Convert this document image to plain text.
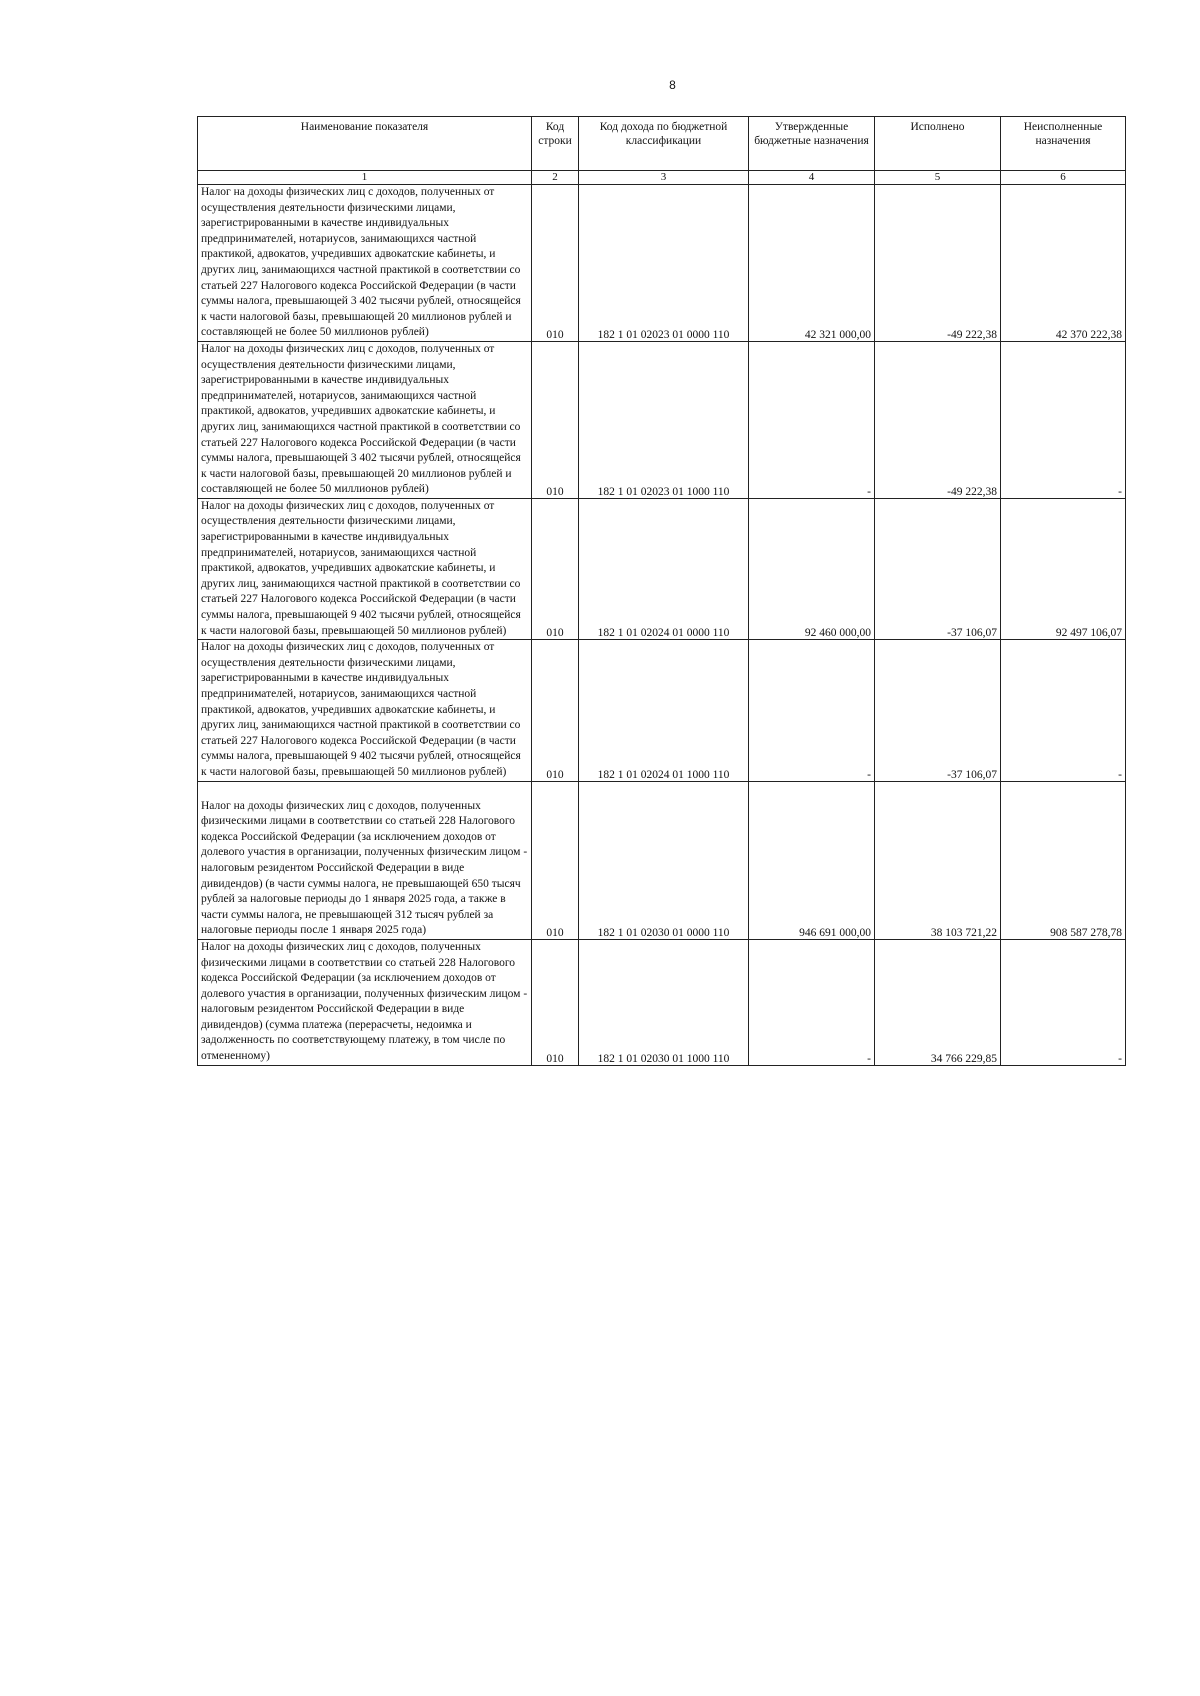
8
Наименование показателя	Код строки	Код дохода по бюджетной классификации	Утвержденные бюджетные назначения	Исполнено	Неисполненные назначения
1	2	3	4	5	6
Налог на доходы физических лиц с доходов, полученных от осуществления деятельности физическими лицами, зарегистрированными в качестве индивидуальных предпринимателей, нотариусов, занимающихся частной практикой, адвокатов, учредивших адвокатские кабинеты, и других лиц, занимающихся частной практикой в соответствии со статьей 227 Налогового кодекса Российской Федерации (в части суммы налога, превышающей 3 402 тысячи рублей, относящейся к части налоговой базы, превышающей 20 миллионов рублей и составляющей не более 50 миллионов рублей)	010	182 1 01 02023 01 0000 110	42 321 000,00	-49 222,38	42 370 222,38
Налог на доходы физических лиц с доходов, полученных от осуществления деятельности физическими лицами, зарегистрированными в качестве индивидуальных предпринимателей, нотариусов, занимающихся частной практикой, адвокатов, учредивших адвокатские кабинеты, и других лиц, занимающихся частной практикой в соответствии со статьей 227 Налогового кодекса Российской Федерации (в части суммы налога, превышающей 3 402 тысячи рублей, относящейся к части налоговой базы, превышающей 20 миллионов рублей и составляющей не более 50 миллионов рублей)	010	182 1 01 02023 01 1000 110	-	-49 222,38	-
Налог на доходы физических лиц с доходов, полученных от осуществления деятельности физическими лицами, зарегистрированными в качестве индивидуальных предпринимателей, нотариусов, занимающихся частной практикой, адвокатов, учредивших адвокатские кабинеты, и других лиц, занимающихся частной практикой в соответствии со статьей 227 Налогового кодекса Российской Федерации (в части суммы налога, превышающей 9 402 тысячи рублей, относящейся к части налоговой базы, превышающей 50 миллионов рублей)	010	182 1 01 02024 01 0000 110	92 460 000,00	-37 106,07	92 497 106,07
Налог на доходы физических лиц с доходов, полученных от осуществления деятельности физическими лицами, зарегистрированными в качестве индивидуальных предпринимателей, нотариусов, занимающихся частной практикой, адвокатов, учредивших адвокатские кабинеты, и других лиц, занимающихся частной практикой в соответствии со статьей 227 Налогового кодекса Российской Федерации (в части суммы налога, превышающей 9 402 тысячи рублей, относящейся к части налоговой базы, превышающей 50 миллионов рублей)	010	182 1 01 02024 01 1000 110	-	-37 106,07	-
Налог на доходы физических лиц с доходов, полученных физическими лицами в соответствии со статьей 228 Налогового кодекса Российской Федерации (за исключением доходов от долевого участия в организации, полученных физическим лицом - налоговым резидентом Российской Федерации в виде дивидендов) (в части суммы налога, не превышающей 650 тысяч рублей за налоговые периоды до 1 января 2025 года, а также в части суммы налога, не превышающей 312 тысяч рублей за налоговые периоды после 1 января 2025 года)	010	182 1 01 02030 01 0000 110	946 691 000,00	38 103 721,22	908 587 278,78
Налог на доходы физических лиц с доходов, полученных физическими лицами в соответствии со статьей 228 Налогового кодекса Российской Федерации (за исключением доходов от долевого участия в организации, полученных физическим лицом - налоговым резидентом Российской Федерации в виде дивидендов) (сумма платежа (перерасчеты, недоимка и задолженность по соответствующему платежу, в том числе по отмененному)	010	182 1 01 02030 01 1000 110	-	34 766 229,85	-
